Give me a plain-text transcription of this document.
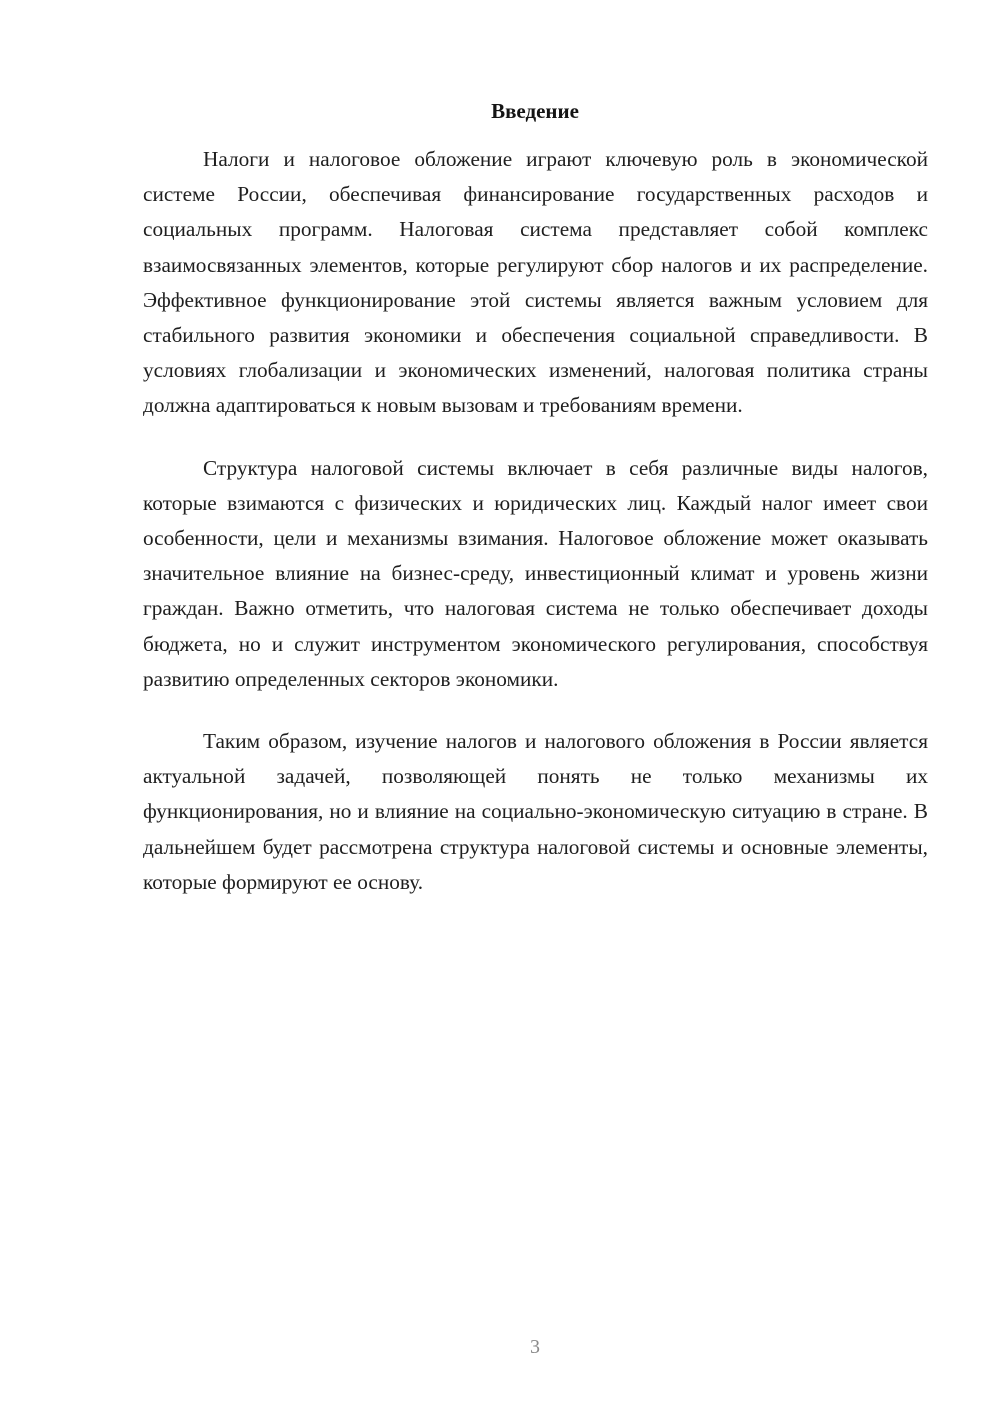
Введение

Налоги и налоговое обложение играют ключевую роль в экономической системе России, обеспечивая финансирование государственных расходов и социальных программ. Налоговая система представляет собой комплекс взаимосвязанных элементов, которые регулируют сбор налогов и их распределение. Эффективное функционирование этой системы является важным условием для стабильного развития экономики и обеспечения социальной справедливости. В условиях глобализации и экономических изменений, налоговая политика страны должна адаптироваться к новым вызовам и требованиям времени.

Структура налоговой системы включает в себя различные виды налогов, которые взимаются с физических и юридических лиц. Каждый налог имеет свои особенности, цели и механизмы взимания. Налоговое обложение может оказывать значительное влияние на бизнес-среду, инвестиционный климат и уровень жизни граждан. Важно отметить, что налоговая система не только обеспечивает доходы бюджета, но и служит инструментом экономического регулирования, способствуя развитию определенных секторов экономики.

Таким образом, изучение налогов и налогового обложения в России является актуальной задачей, позволяющей понять не только механизмы их функционирования, но и влияние на социально-экономическую ситуацию в стране. В дальнейшем будет рассмотрена структура налоговой системы и основные элементы, которые формируют ее основу.

3
